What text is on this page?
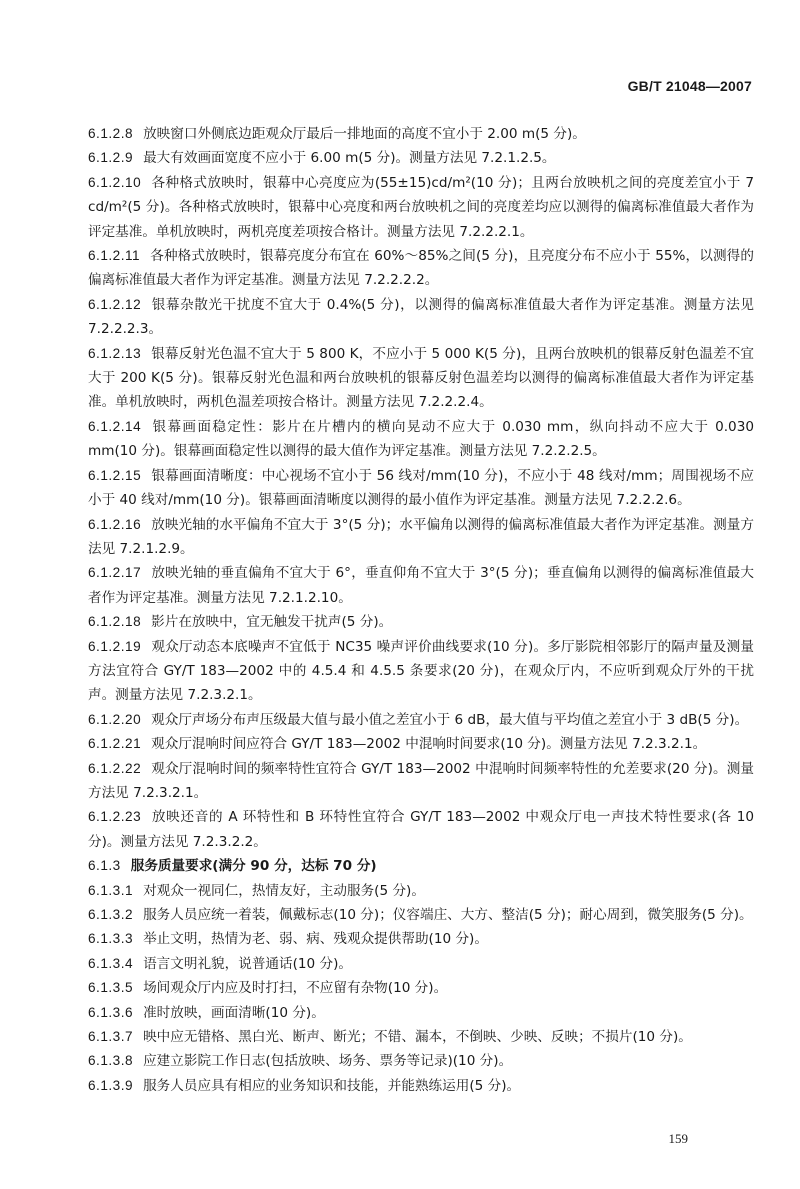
GB/T 21048—2007

6.1.2.8 放映窗口外侧底边距观众厅最后一排地面的高度不宜小于 2.00 m(5 分)。

6.1.2.9 最大有效画面宽度不应小于 6.00 m(5 分)。测量方法见 7.2.1.2.5。

6.1.2.10 各种格式放映时，银幕中心亮度应为(55±15)cd/m²(10 分)；且两台放映机之间的亮度差宜小于 7 cd/m²(5 分)。各种格式放映时，银幕中心亮度和两台放映机之间的亮度差均应以测得的偏离标准值最大者作为评定基准。单机放映时，两机亮度差项按合格计。测量方法见 7.2.2.2.1。

6.1.2.11 各种格式放映时，银幕亮度分布宜在 60%～85%之间(5 分)，且亮度分布不应小于 55%，以测得的偏离标准值最大者作为评定基准。测量方法见 7.2.2.2.2。

6.1.2.12 银幕杂散光干扰度不宜大于 0.4%(5 分)，以测得的偏离标准值最大者作为评定基准。测量方法见 7.2.2.2.3。

6.1.2.13 银幕反射光色温不宜大于 5 800 K，不应小于 5 000 K(5 分)，且两台放映机的银幕反射色温差不宜大于 200 K(5 分)。银幕反射光色温和两台放映机的银幕反射色温差均以测得的偏离标准值最大者作为评定基准。单机放映时，两机色温差项按合格计。测量方法见 7.2.2.2.4。

6.1.2.14 银幕画面稳定性：影片在片槽内的横向晃动不应大于 0.030 mm，纵向抖动不应大于 0.030 mm(10 分)。银幕画面稳定性以测得的最大值作为评定基准。测量方法见 7.2.2.2.5。

6.1.2.15 银幕画面清晰度：中心视场不宜小于 56 线对/mm(10 分)，不应小于 48 线对/mm；周围视场不应小于 40 线对/mm(10 分)。银幕画面清晰度以测得的最小值作为评定基准。测量方法见 7.2.2.2.6。

6.1.2.16 放映光轴的水平偏角不宜大于 3°(5 分)；水平偏角以测得的偏离标准值最大者作为评定基准。测量方法见 7.2.1.2.9。

6.1.2.17 放映光轴的垂直偏角不宜大于 6°，垂直仰角不宜大于 3°(5 分)；垂直偏角以测得的偏离标准值最大者作为评定基准。测量方法见 7.2.1.2.10。

6.1.2.18 影片在放映中，宜无触发干扰声(5 分)。

6.1.2.19 观众厅动态本底噪声不宜低于 NC35 噪声评价曲线要求(10 分)。多厅影院相邻影厅的隔声量及测量方法宜符合 GY/T 183—2002 中的 4.5.4 和 4.5.5 条要求(20 分)，在观众厅内，不应听到观众厅外的干扰声。测量方法见 7.2.3.2.1。

6.1.2.20 观众厅声场分布声压级最大值与最小值之差宜小于 6 dB，最大值与平均值之差宜小于 3 dB(5 分)。

6.1.2.21 观众厅混响时间应符合 GY/T 183—2002 中混响时间要求(10 分)。测量方法见 7.2.3.2.1。

6.1.2.22 观众厅混响时间的频率特性宜符合 GY/T 183—2002 中混响时间频率特性的允差要求(20 分)。测量方法见 7.2.3.2.1。

6.1.2.23 放映还音的 A 环特性和 B 环特性宜符合 GY/T 183—2002 中观众厅电一声技术特性要求(各 10 分)。测量方法见 7.2.3.2.2。

6.1.3 服务质量要求(满分 90 分，达标 70 分)

6.1.3.1 对观众一视同仁，热情友好，主动服务(5 分)。

6.1.3.2 服务人员应统一着装，佩戴标志(10 分)；仪容端庄、大方、整洁(5 分)；耐心周到，微笑服务(5 分)。

6.1.3.3 举止文明，热情为老、弱、病、残观众提供帮助(10 分)。

6.1.3.4 语言文明礼貌，说普通话(10 分)。

6.1.3.5 场间观众厅内应及时打扫，不应留有杂物(10 分)。

6.1.3.6 准时放映，画面清晰(10 分)。

6.1.3.7 映中应无错格、黑白光、断声、断光；不错、漏本，不倒映、少映、反映；不损片(10 分)。

6.1.3.8 应建立影院工作日志(包括放映、场务、票务等记录)(10 分)。

6.1.3.9 服务人员应具有相应的业务知识和技能，并能熟练运用(5 分)。

159
